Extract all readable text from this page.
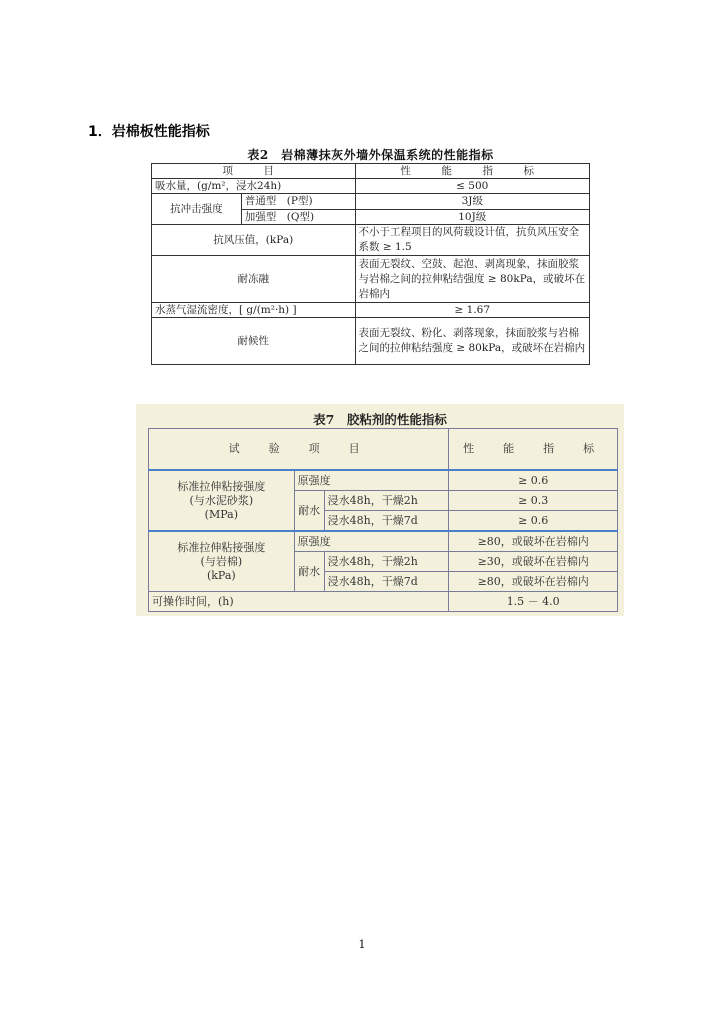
1．岩棉板性能指标
表2　岩棉薄抹灰外墙外保温系统的性能指标
项　目		性　能　指　标
吸水量，(g/m²，浸水24h)		≤ 500
抗冲击强度	普通型　(P型)	3J级
	加强型　(Q型)	10J级
抗风压值，(kPa)		不小于工程项目的风荷载设计值，抗负风压安全系数 ≥ 1.5
耐冻融		表面无裂纹、空鼓、起泡、剥离现象，抹面胶浆与岩棉之间的拉伸粘结强度 ≥ 80kPa，或破坏在岩棉内
水蒸气湿流密度，[ g/(m²·h) ]		≥ 1.67
耐候性		表面无裂纹、粉化、剥落现象，抹面胶浆与岩棉之间的拉伸粘结强度 ≥ 80kPa，或破坏在岩棉内
表7　胶粘剂的性能指标
试　验　项　目			性　能　指　标

标准拉伸粘接强度
(与水泥砂浆)
(MPa)	原强度		≥ 0.6
	耐水	浸水48h，干燥2h	≥ 0.3
		浸水48h，干燥7d	≥ 0.6

标准拉伸粘接强度
(与岩棉)
(kPa)	原强度		≥80，或破坏在岩棉内
	耐水	浸水48h，干燥2h	≥30，或破坏在岩棉内
		浸水48h，干燥7d	≥80，或破坏在岩棉内
可操作时间，(h)			1.5 － 4.0
1
